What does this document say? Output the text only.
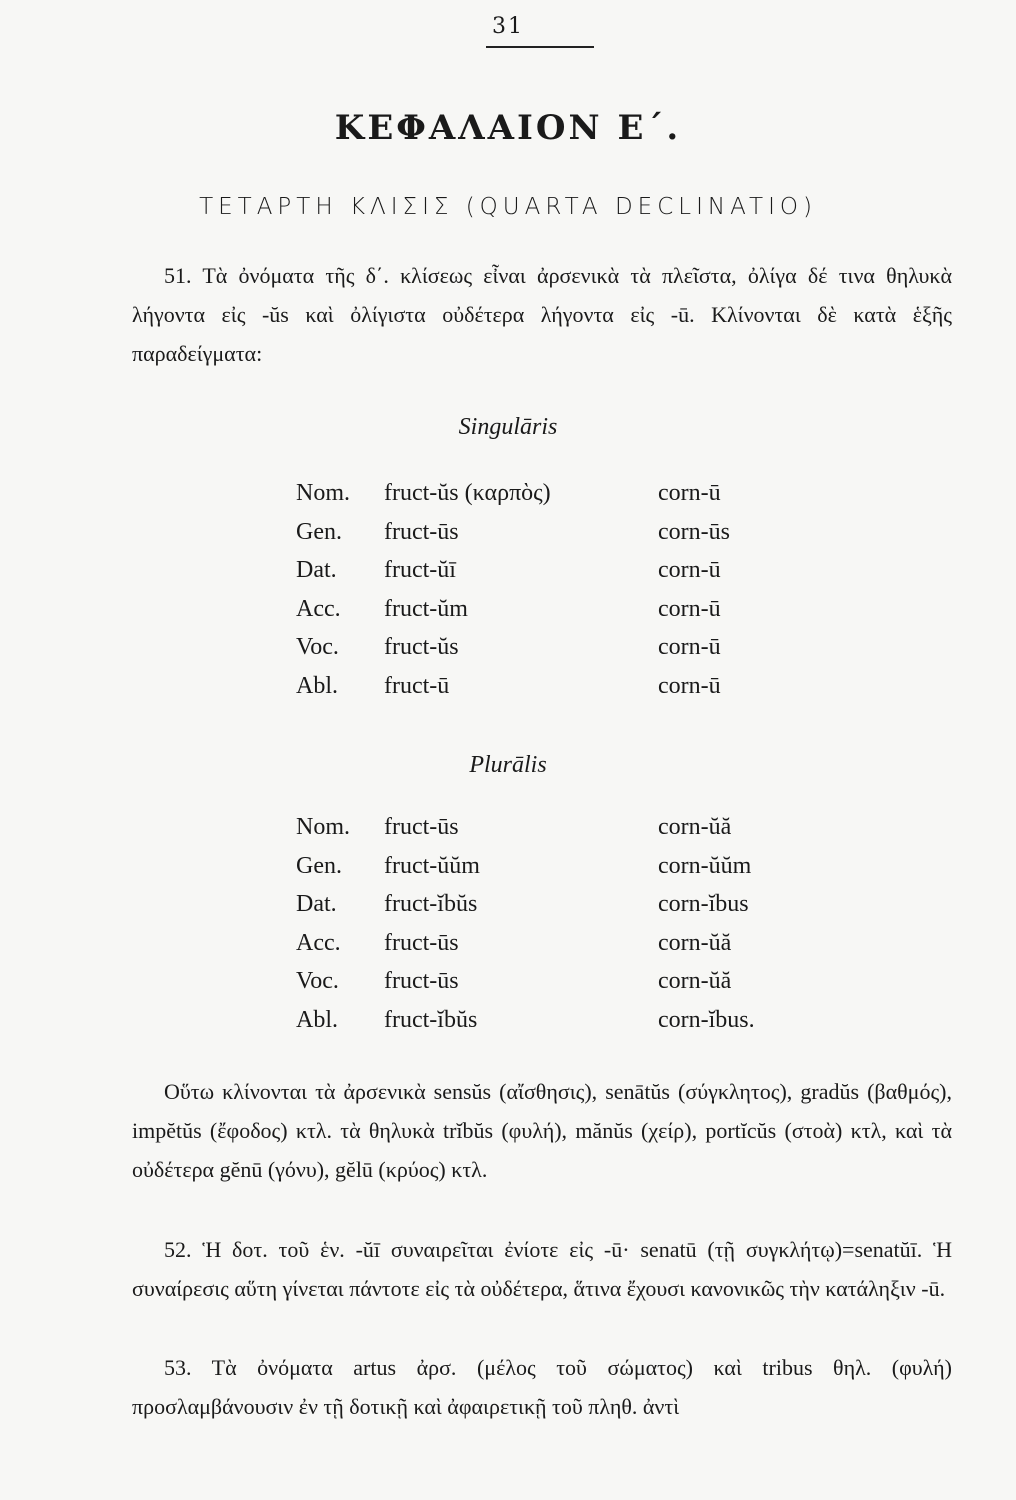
31
ΚΕΦΑΛΑΙΟΝ Ε΄.
ΤΕΤΑΡΤΗ ΚΛΙΣΙΣ (QUARTA DECLINATIO)
51. Τὰ ὀνόματα τῆς δ΄. κλίσεως εἶναι ἀρσενικὰ τὰ πλεῖστα, ὀλίγα δέ τινα θηλυκὰ λήγοντα εἰς -ŭs καὶ ὀλίγιστα οὐδέτερα λήγοντα εἰς -ū. Κλίνονται δὲ κατὰ ἑξῆς παραδείγματα:
Singulāris
Nom. fruct-ŭs (καρπὸς)	corn-ū
Gen. fruct-ūs	corn-ūs
Dat. fruct-ŭī	corn-ū
Acc. fruct-ŭm	corn-ū
Voc. fruct-ŭs	corn-ū
Abl. fruct-ū	corn-ū
Plurālis
Nom. fruct-ūs	corn-ŭă
Gen. fruct-ŭŭm	corn-ŭŭm
Dat. fruct-ĭbŭs	corn-ĭbus
Acc. fruct-ūs	corn-ŭă
Voc. fruct-ūs	corn-ŭă
Abl. fruct-ĭbŭs	corn-ĭbus.
Οὕτω κλίνονται τὰ ἀρσενικὰ sensŭs (αἴσθησις), senātŭs (σύγκλητος), gradŭs (βαθμός), impĕtŭs (ἔφοδος) κτλ. τὰ θηλυκὰ trĭbŭs (φυλή), mănŭs (χείρ), portĭcŭs (στοὰ) κτλ, καὶ τὰ οὐδέτερα gĕnū (γόνυ), gĕlū (κρύος) κτλ.
52. Ἡ δοτ. τοῦ ἑν. -ŭī συναιρεῖται ἐνίοτε εἰς -ū· senatū (τῇ συγκλήτῳ)=senatŭī. Ἡ συναίρεσις αὕτη γίνεται πάντοτε εἰς τὰ οὐδέτερα, ἅτινα ἔχουσι κανονικῶς τὴν κατάληξιν -ū.
53. Τὰ ὀνόματα artus ἀρσ. (μέλος τοῦ σώματος) καὶ tribus θηλ. (φυλή) προσλαμβάνουσιν ἐν τῇ δοτικῇ καὶ ἀφαιρετικῇ τοῦ πληθ. ἀντὶ
